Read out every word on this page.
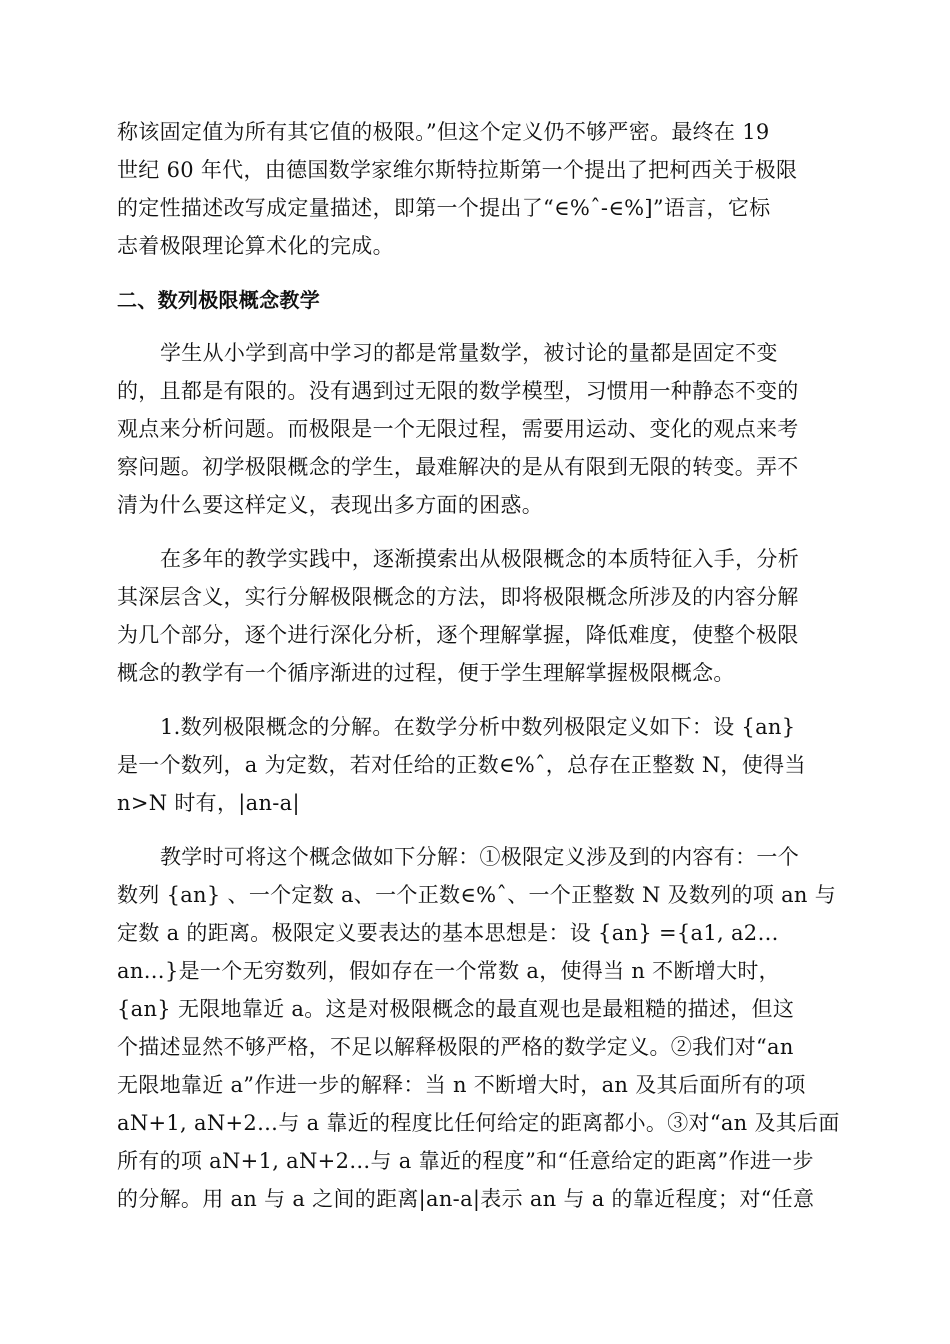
称该固定值为所有其它值的极限。”但这个定义仍不够严密。最终在 19
世纪 60 年代，由德国数学家维尔斯特拉斯第一个提出了把柯西关于极限
的定性描述改写成定量描述，即第一个提出了“∈%ˆ-∈%]”语言，它标
志着极限理论算术化的完成。
二、数列极限概念教学
学生从小学到高中学习的都是常量数学，被讨论的量都是固定不变
的，且都是有限的。没有遇到过无限的数学模型，习惯用一种静态不变的
观点来分析问题。而极限是一个无限过程，需要用运动、变化的观点来考
察问题。初学极限概念的学生，最难解决的是从有限到无限的转变。弄不
清为什么要这样定义，表现出多方面的困惑。
在多年的教学实践中，逐渐摸索出从极限概念的本质特征入手，分析
其深层含义，实行分解极限概念的方法，即将极限概念所涉及的内容分解
为几个部分，逐个进行深化分析，逐个理解掌握，降低难度，使整个极限
概念的教学有一个循序渐进的过程，便于学生理解掌握极限概念。
1.数列极限概念的分解。在数学分析中数列极限定义如下：设 {an}
是一个数列，a 为定数，若对任给的正数∈%ˆ，总存在正整数 N，使得当
n>N 时有，|an-a|
教学时可将这个概念做如下分解：①极限定义涉及到的内容有：一个
数列 {an} 、一个定数 a、一个正数∈%ˆ、一个正整数 N 及数列的项 an 与
定数 a 的距离。极限定义要表达的基本思想是：设 {an} ={a1, a2…
an…}是一个无穷数列，假如存在一个常数 a，使得当 n 不断增大时，
{an} 无限地靠近 a。这是对极限概念的最直观也是最粗糙的描述，但这
个描述显然不够严格，不足以解释极限的严格的数学定义。②我们对“an
无限地靠近 a”作进一步的解释：当 n 不断增大时，an 及其后面所有的项
aN+1, aN+2…与 a 靠近的程度比任何给定的距离都小。③对“an 及其后面
所有的项 aN+1, aN+2…与 a 靠近的程度”和“任意给定的距离”作进一步
的分解。用 an 与 a 之间的距离|an-a|表示 an 与 a 的靠近程度；对“任意
